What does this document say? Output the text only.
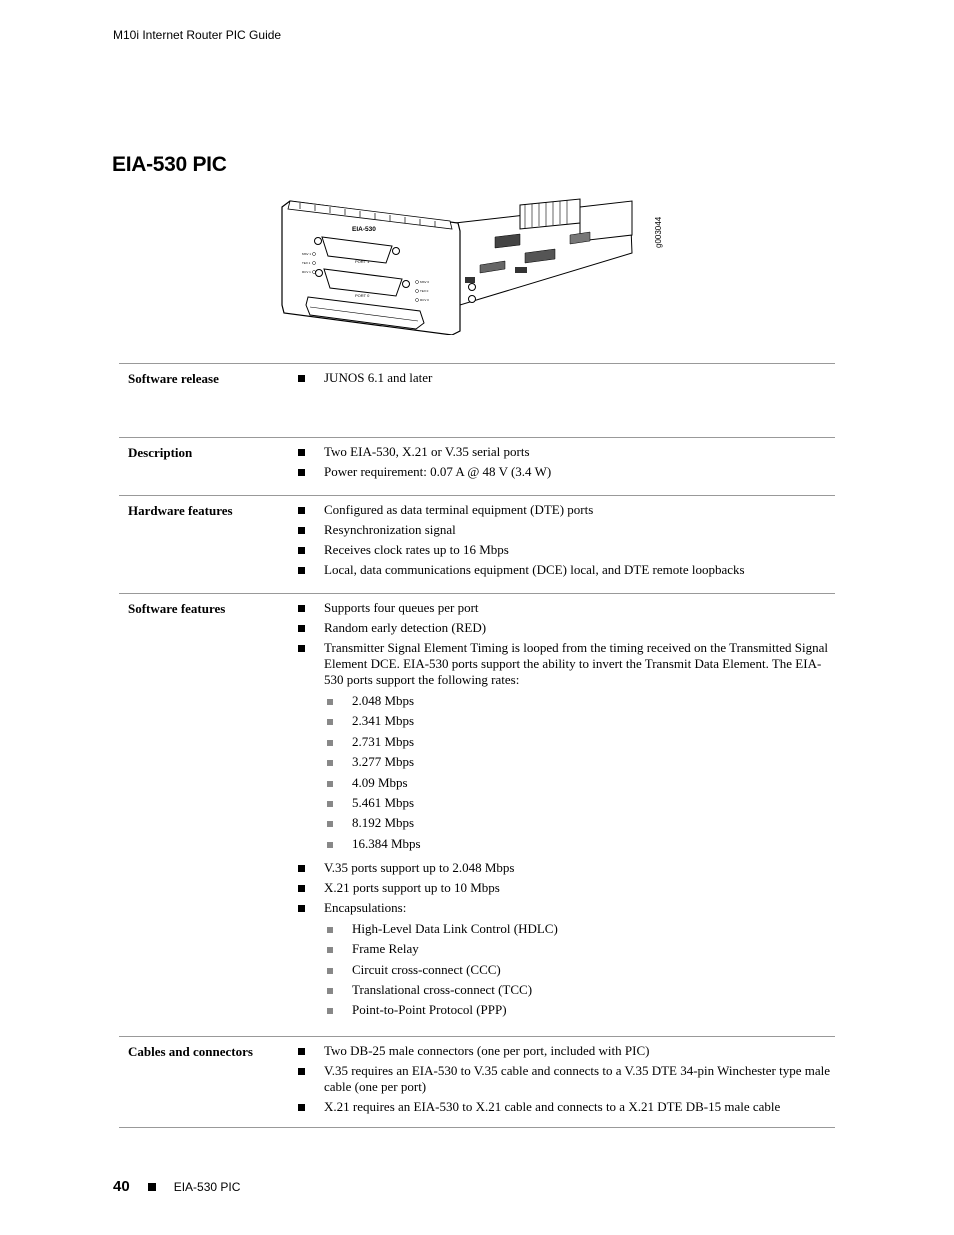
M10i Internet Router PIC Guide
EIA-530 PIC
EIA-530
PORT 1
PORT 0
MSV 1
TEX 1
RCV 1
MSV 0
TEX 0
RCV 0
g003044
Software release	JUNOS 6.1 and later
Description	Two EIA-530, X.21 or V.35 serial ports
Power requirement: 0.07 A @ 48 V (3.4 W)
Hardware features	Configured as data terminal equipment (DTE) ports
Resynchronization signal
Receives clock rates up to 16 Mbps
Local, data communications equipment (DCE) local, and DTE remote loopbacks
Software features	Supports four queues per port
Random early detection (RED)
Transmitter Signal Element Timing is looped from the timing received on the Transmitted Signal Element DCE. EIA-530 ports support the ability to invert the Transmit Data Element. The EIA-530 ports support the following rates:
2.048 Mbps
2.341 Mbps
2.731 Mbps
3.277 Mbps
4.09 Mbps
5.461 Mbps
8.192 Mbps
16.384 Mbps
V.35 ports support up to 2.048 Mbps
X.21 ports support up to 10 Mbps
Encapsulations:
High-Level Data Link Control (HDLC)
Frame Relay
Circuit cross-connect (CCC)
Translational cross-connect (TCC)
Point-to-Point Protocol (PPP)
Cables and connectors	Two DB-25 male connectors (one per port, included with PIC)
V.35 requires an EIA-530 to V.35 cable and connects to a V.35 DTE 34-pin Winchester type male cable (one per port)
X.21 requires an EIA-530 to X.21 cable and connects to a X.21 DTE DB-15 male cable
40	EIA-530 PIC
